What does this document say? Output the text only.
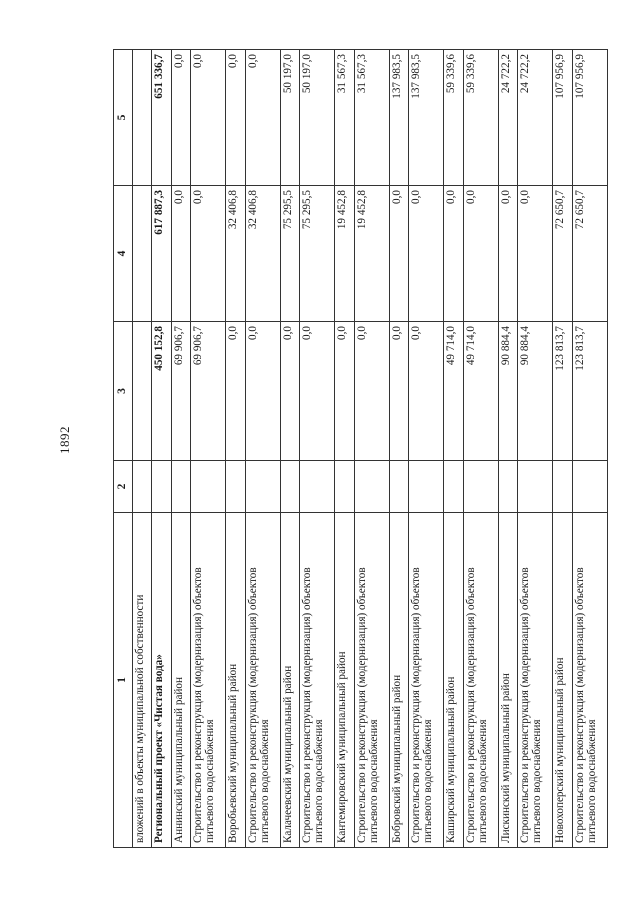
1892
1	2	3	4	5
вложений в объекты муниципальной собственности				
Региональный проект «Чистая вода»		450 152,8	617 887,3	651 336,7
Аннинский муниципальный район		69 906,7	0,0	0,0
Строительство и реконструкция (модернизация) объектов питьевого водоснабжения		69 906,7	0,0	0,0
Воробьевский муниципальный район		0,0	32 406,8	0,0
Строительство и реконструкция (модернизация) объектов питьевого водоснабжения		0,0	32 406,8	0,0
Калачеевский муниципальный район		0,0	75 295,5	50 197,0
Строительство и реконструкция (модернизация) объектов питьевого водоснабжения		0,0	75 295,5	50 197,0
Кантемировский муниципальный район		0,0	19 452,8	31 567,3
Строительство и реконструкция (модернизация) объектов питьевого водоснабжения		0,0	19 452,8	31 567,3
Бобровский муниципальный район		0,0	0,0	137 983,5
Строительство и реконструкция (модернизация) объектов питьевого водоснабжения		0,0	0,0	137 983,5
Каширский муниципальный район		49 714,0	0,0	59 339,6
Строительство и реконструкция (модернизация) объектов питьевого водоснабжения		49 714,0	0,0	59 339,6
Лискинский муниципальный район		90 884,4	0,0	24 722,2
Строительство и реконструкция (модернизация) объектов питьевого водоснабжения		90 884,4	0,0	24 722,2
Новохоперский муниципальный район		123 813,7	72 650,7	107 956,9
Строительство и реконструкция (модернизация) объектов питьевого водоснабжения		123 813,7	72 650,7	107 956,9
